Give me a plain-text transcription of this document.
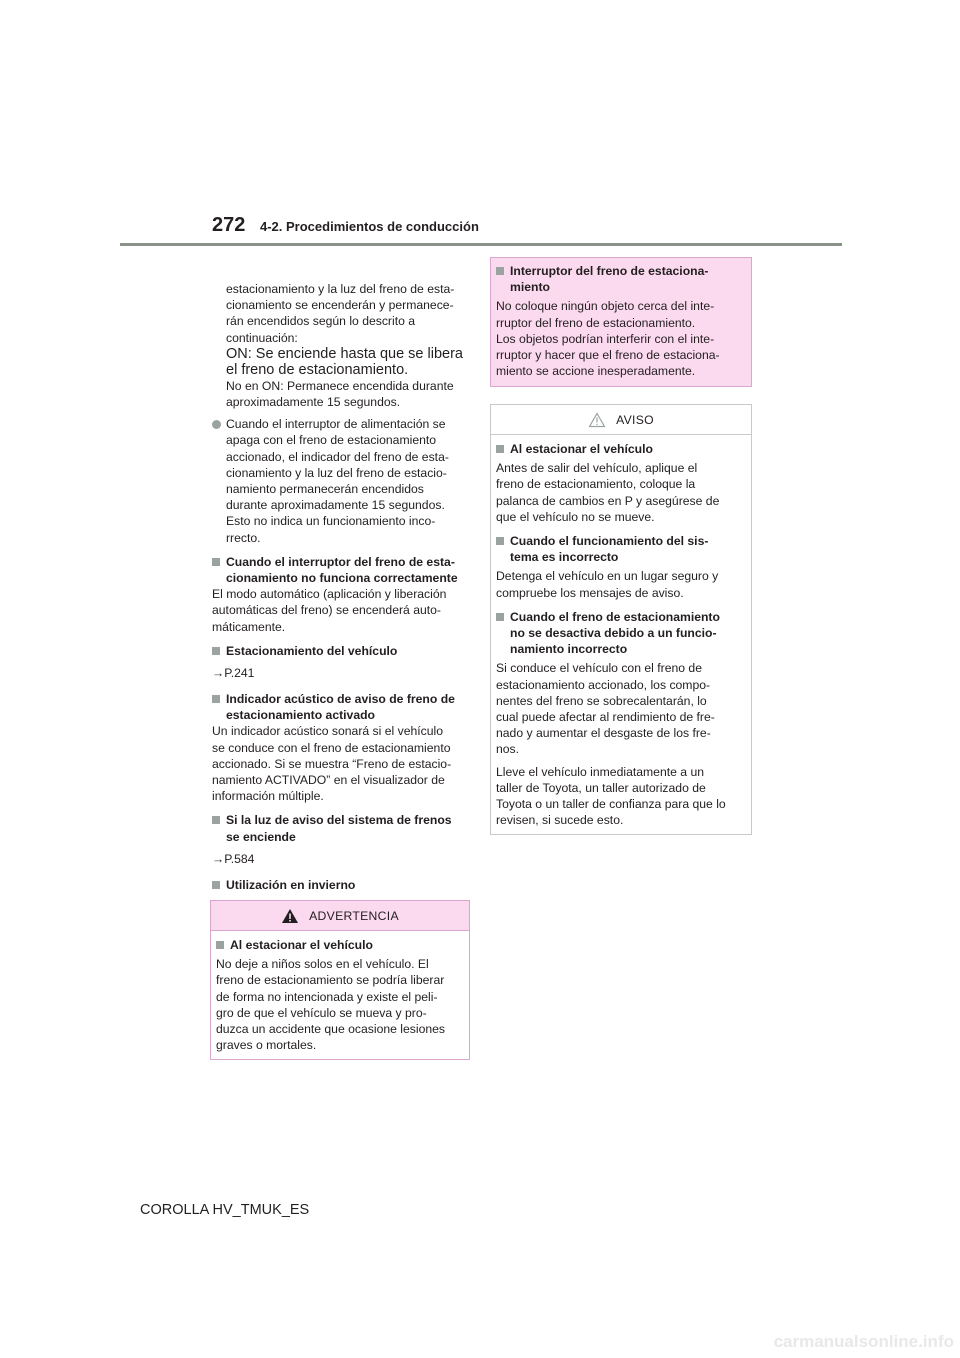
272 4-2. Procedimientos de conducción

estacionamiento y la luz del freno de esta-

cionamiento se encenderán y permanece-

rán encendidos según lo descrito a

continuación:

ON: Se enciende hasta que se libera

el freno de estacionamiento.

No en ON: Permanece encendida durante

aproximadamente 15 segundos.

Cuando el interruptor de alimentación se

apaga con el freno de estacionamiento

accionado, el indicador del freno de esta-

cionamiento y la luz del freno de estacio-

namiento permanecerán encendidos

durante aproximadamente 15 segundos.

Esto no indica un funcionamiento inco-

rrecto.

Cuando el interruptor del freno de esta-

cionamiento no funciona correctamente

El modo automático (aplicación y liberación

automáticas del freno) se encenderá auto-

máticamente.

Estacionamiento del vehículo

→P.241

Indicador acústico de aviso de freno de

estacionamiento activado

Un indicador acústico sonará si el vehículo

se conduce con el freno de estacionamiento

accionado. Si se muestra “Freno de estacio-

namiento ACTIVADO” en el visualizador de

información múltiple.

Si la luz de aviso del sistema de frenos

se enciende

→P.584

Utilización en invierno

ADVERTENCIA

Al estacionar el vehículo

No deje a niños solos en el vehículo. El

freno de estacionamiento se podría liberar

de forma no intencionada y existe el peli-

gro de que el vehículo se mueva y pro-

duzca un accidente que ocasione lesiones

graves o mortales.

Interruptor del freno de estaciona-

miento

No coloque ningún objeto cerca del inte-

rruptor del freno de estacionamiento.

Los objetos podrían interferir con el inte-

rruptor y hacer que el freno de estaciona-

miento se accione inesperadamente.

AVISO

Al estacionar el vehículo

Antes de salir del vehículo, aplique el

freno de estacionamiento, coloque la

palanca de cambios en P y asegúrese de

que el vehículo no se mueve.

Cuando el funcionamiento del sis-

tema es incorrecto

Detenga el vehículo en un lugar seguro y

compruebe los mensajes de aviso.

Cuando el freno de estacionamiento

no se desactiva debido a un funcio-

namiento incorrecto

Si conduce el vehículo con el freno de

estacionamiento accionado, los compo-

nentes del freno se sobrecalentarán, lo

cual puede afectar al rendimiento de fre-

nado y aumentar el desgaste de los fre-

nos.

Lleve el vehículo inmediatamente a un

taller de Toyota, un taller autorizado de

Toyota o un taller de confianza para que lo

revisen, si sucede esto.

COROLLA HV_TMUK_ES
carmanualsonline.info
